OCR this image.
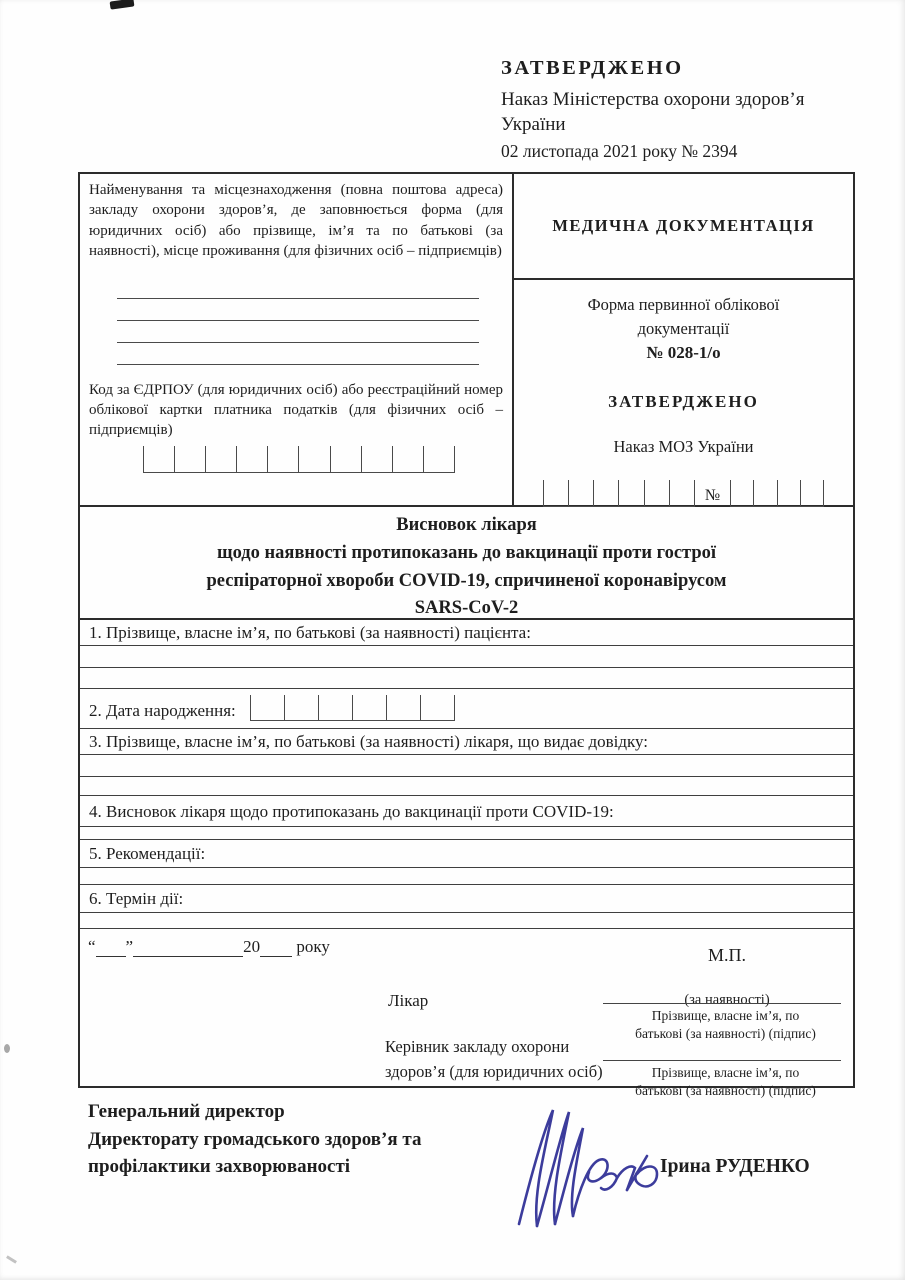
ЗАТВЕРДЖЕНО
Наказ Міністерства охорони здоров’я
України
02 листопада 2021 року № 2394
Найменування та місцезнаходження (повна поштова адреса) закладу охорони здоров’я, де заповнюється форма (для юридичних осіб) або прізвище, ім’я та по батькові (за наявності), місце проживання (для фізичних осіб – підприємців)
Код за ЄДРПОУ (для юридичних осіб) або реєстраційний номер облікової картки платника податків (для фізичних осіб – підприємців)
МЕДИЧНА ДОКУМЕНТАЦІЯ
Форма первинної облікової документації
№ 028-1/о
ЗАТВЕРДЖЕНО
Наказ МОЗ України
№
Висновок лікаря
щодо наявності протипоказань до вакцинації проти гострої
респіраторної хвороби COVID-19, спричиненої коронавірусом
SARS-CoV-2
1. Прізвище, власне ім’я, по батькові (за наявності) пацієнта:
2. Дата народження:
3. Прізвище, власне ім’я, по батькові (за наявності) лікаря, що видає довідку:
4. Висновок лікаря щодо протипоказань до вакцинації проти COVID-19:
5. Рекомендації:
6. Термін дії:
“ ”	20 року	М.П.
(за наявності)
Лікар
Прізвище, власне ім’я, по
батькові (за наявності) (підпис)
Керівник закладу охорони
здоров’я (для юридичних осіб)	Прізвище, власне ім’я, по
батькові (за наявності) (підпис)
Генеральний директор
Директорату громадського здоров’я та
профілактики захворюваності	Ірина РУДЕНКО
